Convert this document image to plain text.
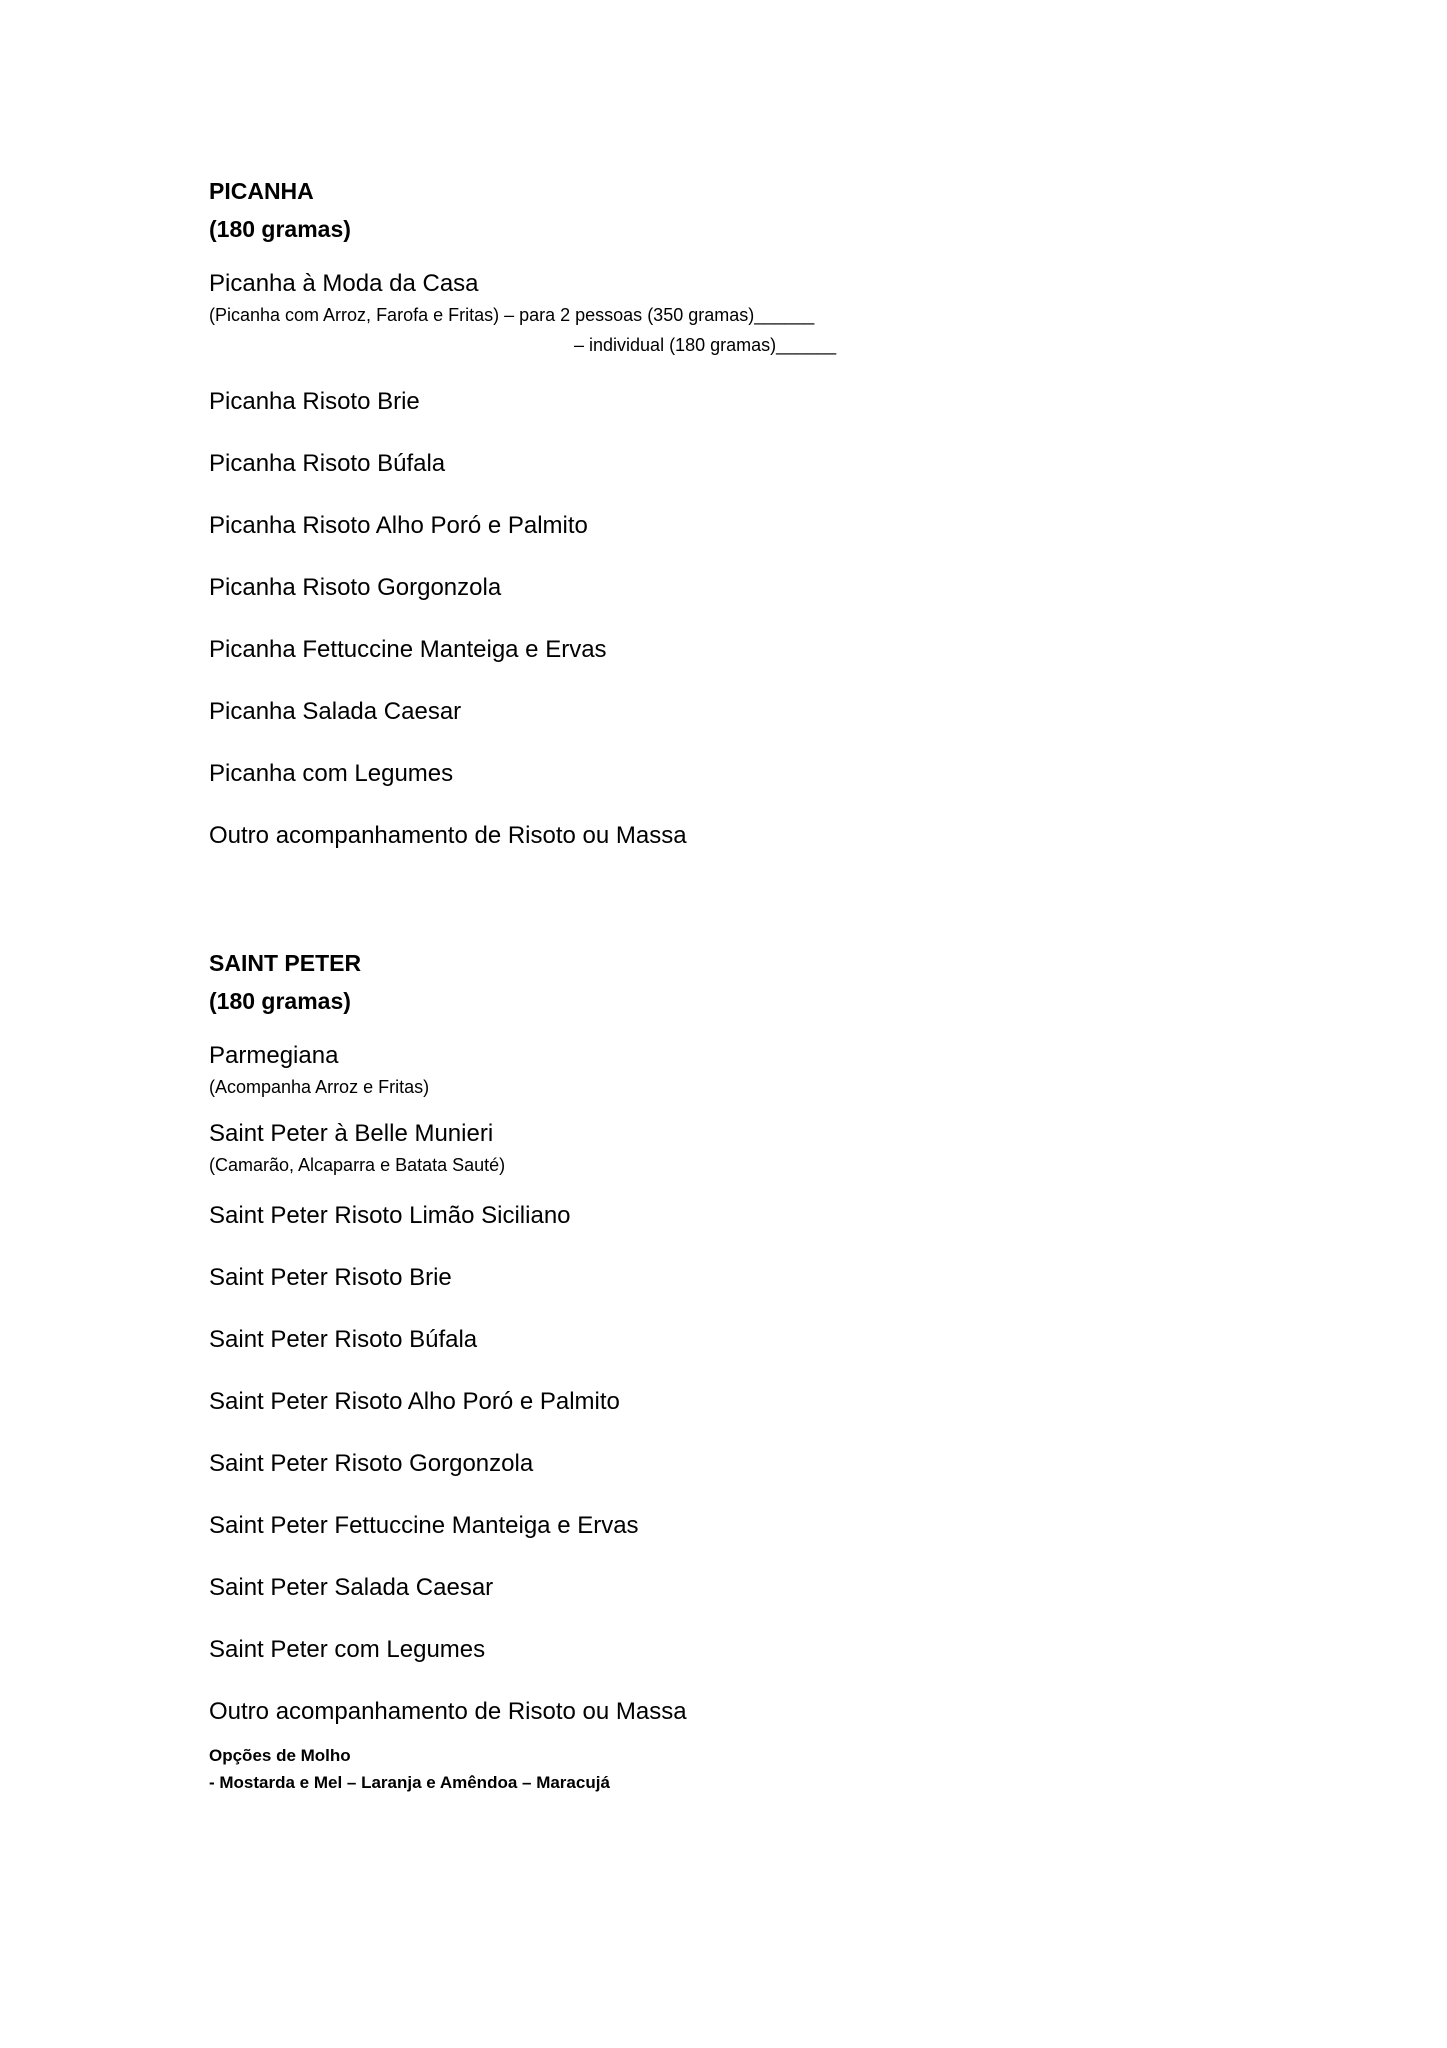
PICANHA

(180 gramas)

Picanha à Moda da Casa

(Picanha com Arroz, Farofa e Fritas) – para 2 pessoas (350 gramas)______

– individual (180 gramas)______

Picanha Risoto Brie

Picanha Risoto Búfala

Picanha Risoto Alho Poró e Palmito

Picanha Risoto Gorgonzola

Picanha Fettuccine Manteiga e Ervas

Picanha Salada Caesar

Picanha com Legumes

Outro acompanhamento de Risoto ou Massa

SAINT PETER

(180 gramas)

Parmegiana

(Acompanha Arroz e Fritas)

Saint Peter à Belle Munieri

(Camarão, Alcaparra e Batata Sauté)

Saint Peter Risoto Limão Siciliano

Saint Peter Risoto Brie

Saint Peter Risoto Búfala

Saint Peter Risoto Alho Poró e Palmito

Saint Peter Risoto Gorgonzola

Saint Peter Fettuccine Manteiga e Ervas

Saint Peter Salada Caesar

Saint Peter com Legumes

Outro acompanhamento de Risoto ou Massa

Opções de Molho

- Mostarda e Mel – Laranja e Amêndoa – Maracujá
